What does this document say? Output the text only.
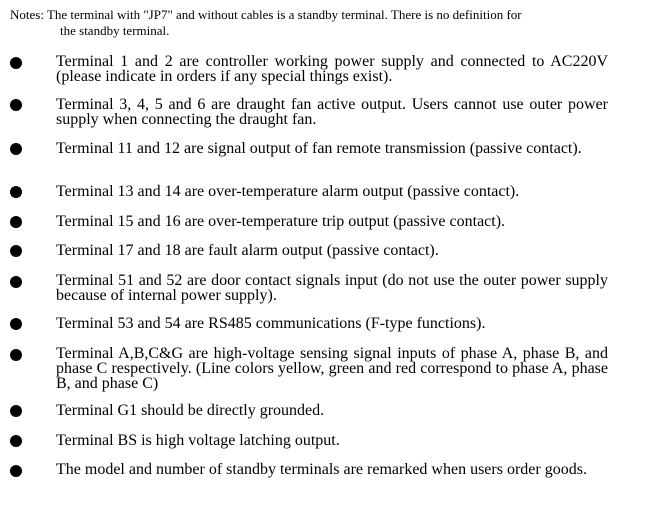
Notes: The terminal with "JP7" and without cables is a standby terminal. There is no definition for
the standby terminal.
Terminal 1 and 2 are controller working power supply and connected to AC220V (please indicate in orders if any special things exist).
Terminal 3, 4, 5 and 6 are draught fan active output. Users cannot use outer power supply when connecting the draught fan.
Terminal 11 and 12 are signal output of fan remote transmission (passive contact).
Terminal 13 and 14 are over-temperature alarm output (passive contact).
Terminal 15 and 16 are over-temperature trip output (passive contact).
Terminal 17 and 18 are fault alarm output (passive contact).
Terminal 51 and 52 are door contact signals input (do not use the outer power supply because of internal power supply).
Terminal 53 and 54 are RS485 communications (F-type functions).
Terminal A,B,C&G are high-voltage sensing signal inputs of phase A, phase B, and phase C respectively. (Line colors yellow, green and red correspond to phase A, phase B, and phase C)
Terminal G1 should be directly grounded.
Terminal BS is high voltage latching output.
The model and number of standby terminals are remarked when users order goods.
